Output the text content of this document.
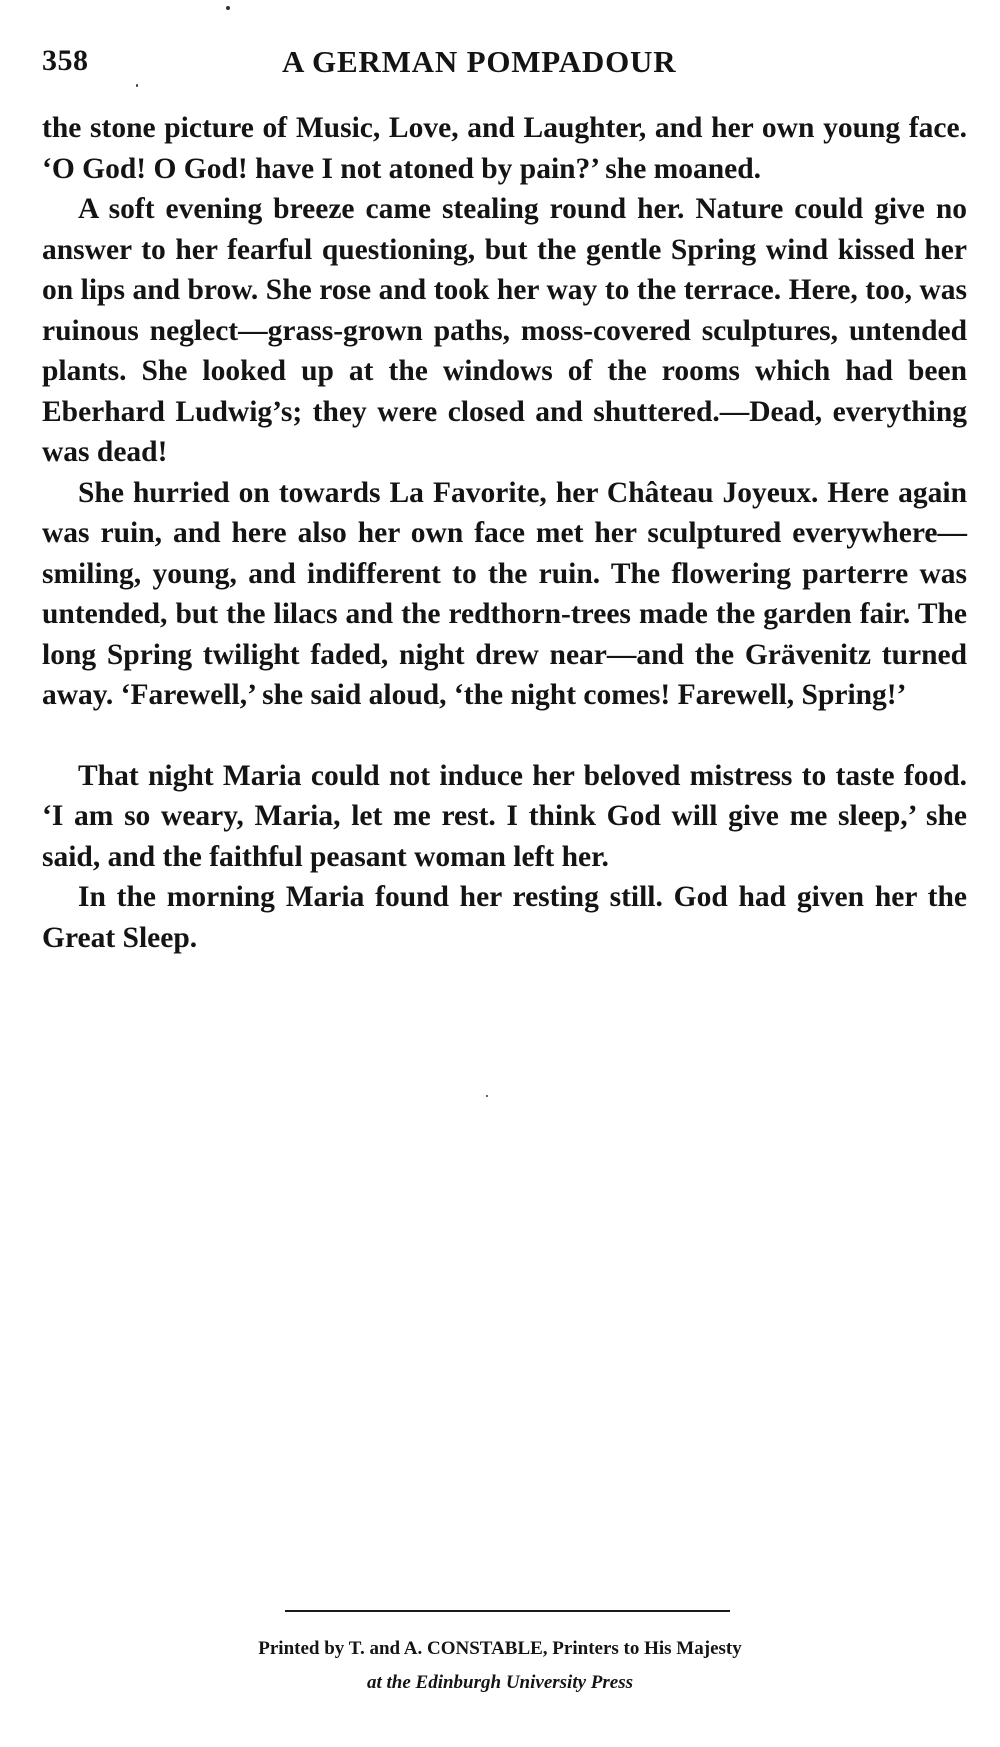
358	A GERMAN POMPADOUR

the stone picture of Music, Love, and Laughter, and her own young face. ‘O God! O God! have I not atoned by pain?’ she moaned.

A soft evening breeze came stealing round her. Nature could give no answer to her fearful questioning, but the gentle Spring wind kissed her on lips and brow. She rose and took her way to the terrace. Here, too, was ruinous neglect—grass-grown paths, moss-covered sculptures, untended plants. She looked up at the windows of the rooms which had been Eberhard Ludwig’s; they were closed and shuttered.—Dead, everything was dead!

She hurried on towards La Favorite, her Château Joyeux. Here again was ruin, and here also her own face met her sculptured everywhere—smiling, young, and indifferent to the ruin. The flowering parterre was untended, but the lilacs and the redthorn-trees made the garden fair. The long Spring twilight faded, night drew near—and the Grävenitz turned away. ‘Farewell,’ she said aloud, ‘the night comes! Farewell, Spring!’

That night Maria could not induce her beloved mistress to taste food. ‘I am so weary, Maria, let me rest. I think God will give me sleep,’ she said, and the faithful peasant woman left her.

In the morning Maria found her resting still. God had given her the Great Sleep.

Printed by T. and A. CONSTABLE, Printers to His Majesty
at the Edinburgh University Press
